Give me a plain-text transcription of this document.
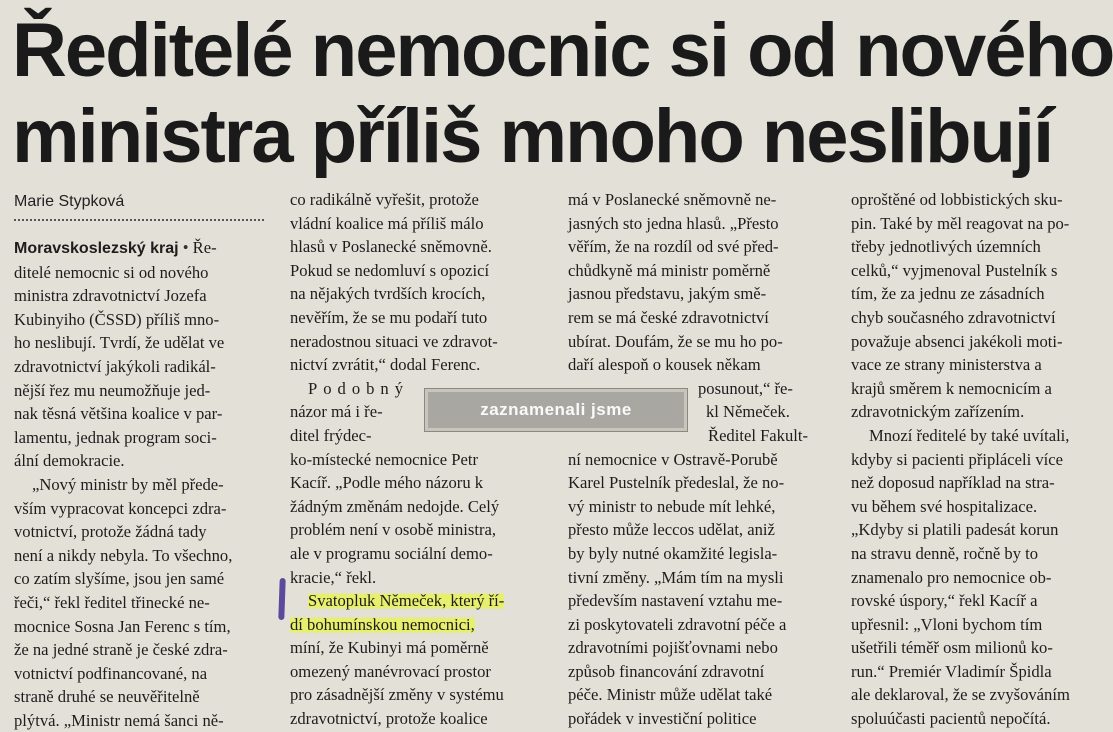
Ředitelé nemocnic si od nového
ministra příliš mnoho neslibují
Marie Stypková

Moravskoslezský kraj • Ře-
ditelé nemocnic si od nového
ministra zdravotnictví Jozefa
Kubinyiho (ČSSD) příliš mno-
ho neslibují. Tvrdí, že udělat ve
zdravotnictví jakýkoli radikál-
nější řez mu neumožňuje jed-
nak těsná většina koalice v par-
lamentu, jednak program soci-
ální demokracie.
„Nový ministr by měl přede-
vším vypracovat koncepci zdra-
votnictví, protože žádná tady
není a nikdy nebyla. To všechno,
co zatím slyšíme, jsou jen samé
řeči,“ řekl ředitel třinecké ne-
mocnice Sosna Jan Ferenc s tím,
že na jedné straně je české zdra-
votnictví podfinancované, na
straně druhé se neuvěřitelně
plýtvá. „Ministr nemá šanci ně-

co radikálně vyřešit, protože
vládní koalice má příliš málo
hlasů v Poslanecké sněmovně.
Pokud se nedomluví s opozicí
na nějakých tvrdších krocích,
nevěřím, že se mu podaří tuto
neradostnou situaci ve zdravot-
nictví zvrátit,“ dodal Ferenc.
Podobný
názor má i ře-
ditel frýdec-
ko-místecké nemocnice Petr
Kacíř. „Podle mého názoru k
žádným změnám nedojde. Celý
problém není v osobě ministra,
ale v programu sociální demo-
kracie,“ řekl.
Svatopluk Němeček, který ří-
dí bohumínskou nemocnici,
míní, že Kubinyi má poměrně
omezený manévrovací prostor
pro zásadnější změny v systému
zdravotnictví, protože koalice
má v Poslanecké sněmovně ne-
jasných sto jedna hlasů. „Přesto
věřím, že na rozdíl od své před-
chůdkyně má ministr poměrně
jasnou představu, jakým smě-
rem se má české zdravotnictví
ubírat. Doufám, že se mu ho po-
daří alespoň o kousek někam
posunout,“ ře-
kl Němeček.
Ředitel Fakult-
ní nemocnice v Ostravě-Porubě
Karel Pustelník předeslal, že no-
vý ministr to nebude mít lehké,
přesto může leccos udělat, aniž
by byly nutné okamžité legisla-
tivní změny. „Mám tím na mysli
především nastavení vztahu me-
zi poskytovateli zdravotní péče a
zdravotními pojišťovnami nebo
způsob financování zdravotní
péče. Ministr může udělat také
pořádek v investiční politice
oproštěné od lobbistických sku-
pin. Také by měl reagovat na po-
třeby jednotlivých územních
celků,“ vyjmenoval Pustelník s
tím, že za jednu ze zásadních
chyb současného zdravotnictví
považuje absenci jakékoli moti-
vace ze strany ministerstva a
krajů směrem k nemocnicím a
zdravotnickým zařízením.
Mnozí ředitelé by také uvítali,
kdyby si pacienti připláceli více
než doposud například na stra-
vu během své hospitalizace.
„Kdyby si platili padesát korun
na stravu denně, ročně by to
znamenalo pro nemocnice ob-
rovské úspory,“ řekl Kacíř a
upřesnil: „Vloni bychom tím
ušetřili téměř osm milionů ko-
run.“ Premiér Vladimír Špidla
ale deklaroval, že se zvyšováním
spoluúčasti pacientů nepočítá.
zaznamenali jsme
